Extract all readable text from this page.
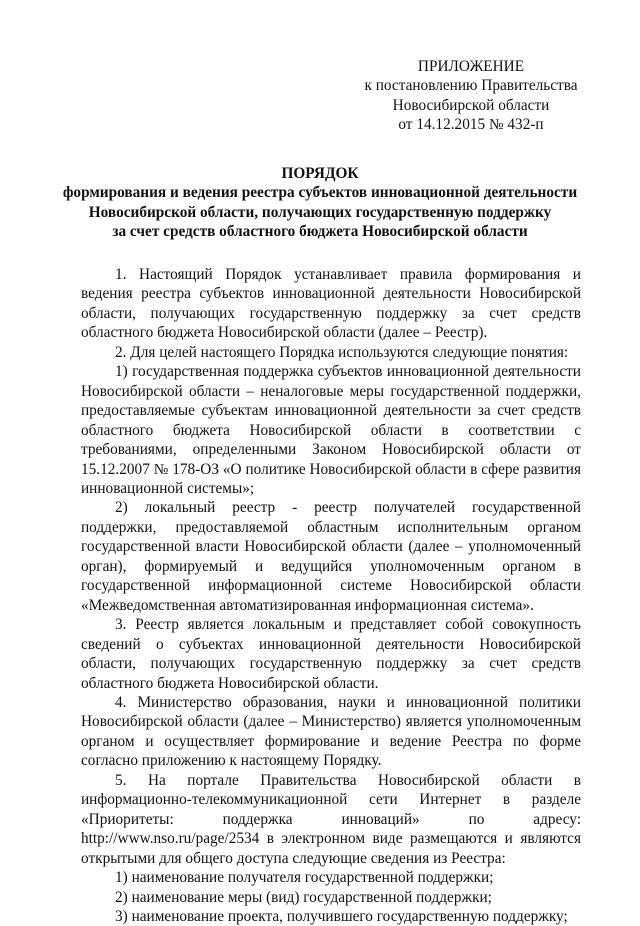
ПРИЛОЖЕНИЕ
к постановлению Правительства
Новосибирской области
от 14.12.2015 № 432-п
ПОРЯДОК
формирования и ведения реестра субъектов инновационной деятельности
Новосибирской области, получающих государственную поддержку
за счет средств областного бюджета Новосибирской области

1. Настоящий Порядок устанавливает правила формирования и ведения реестра субъектов инновационной деятельности Новосибирской области, получающих государственную поддержку за счет средств областного бюджета Новосибирской области (далее – Реестр).

2. Для целей настоящего Порядка используются следующие понятия:

1) государственная поддержка субъектов инновационной деятельности Новосибирской области – неналоговые меры государственной поддержки, предоставляемые субъектам инновационной деятельности за счет средств областного бюджета Новосибирской области в соответствии с требованиями, определенными Законом Новосибирской области от 15.12.2007 № 178-ОЗ «О политике Новосибирской области в сфере развития инновационной системы»;

2) локальный реестр - реестр получателей государственной поддержки, предоставляемой областным исполнительным органом государственной власти Новосибирской области (далее – уполномоченный орган), формируемый и ведущийся уполномоченным органом в государственной информационной системе Новосибирской области «Межведомственная автоматизированная информационная система».

3. Реестр является локальным и представляет собой совокупность сведений о субъектах инновационной деятельности Новосибирской области, получающих государственную поддержку за счет средств областного бюджета Новосибирской области.

4. Министерство образования, науки и инновационной политики Новосибирской области (далее – Министерство) является уполномоченным органом и осуществляет формирование и ведение Реестра по форме согласно приложению к настоящему Порядку.

5. На портале Правительства Новосибирской области в информационно-телекоммуникационной сети Интернет в разделе «Приоритеты: поддержка инноваций» по адресу: http://www.nso.ru/page/2534 в электронном виде размещаются и являются открытыми для общего доступа следующие сведения из Реестра:

1) наименование получателя государственной поддержки;

2) наименование меры (вид) государственной поддержки;

3) наименование проекта, получившего государственную поддержку;
